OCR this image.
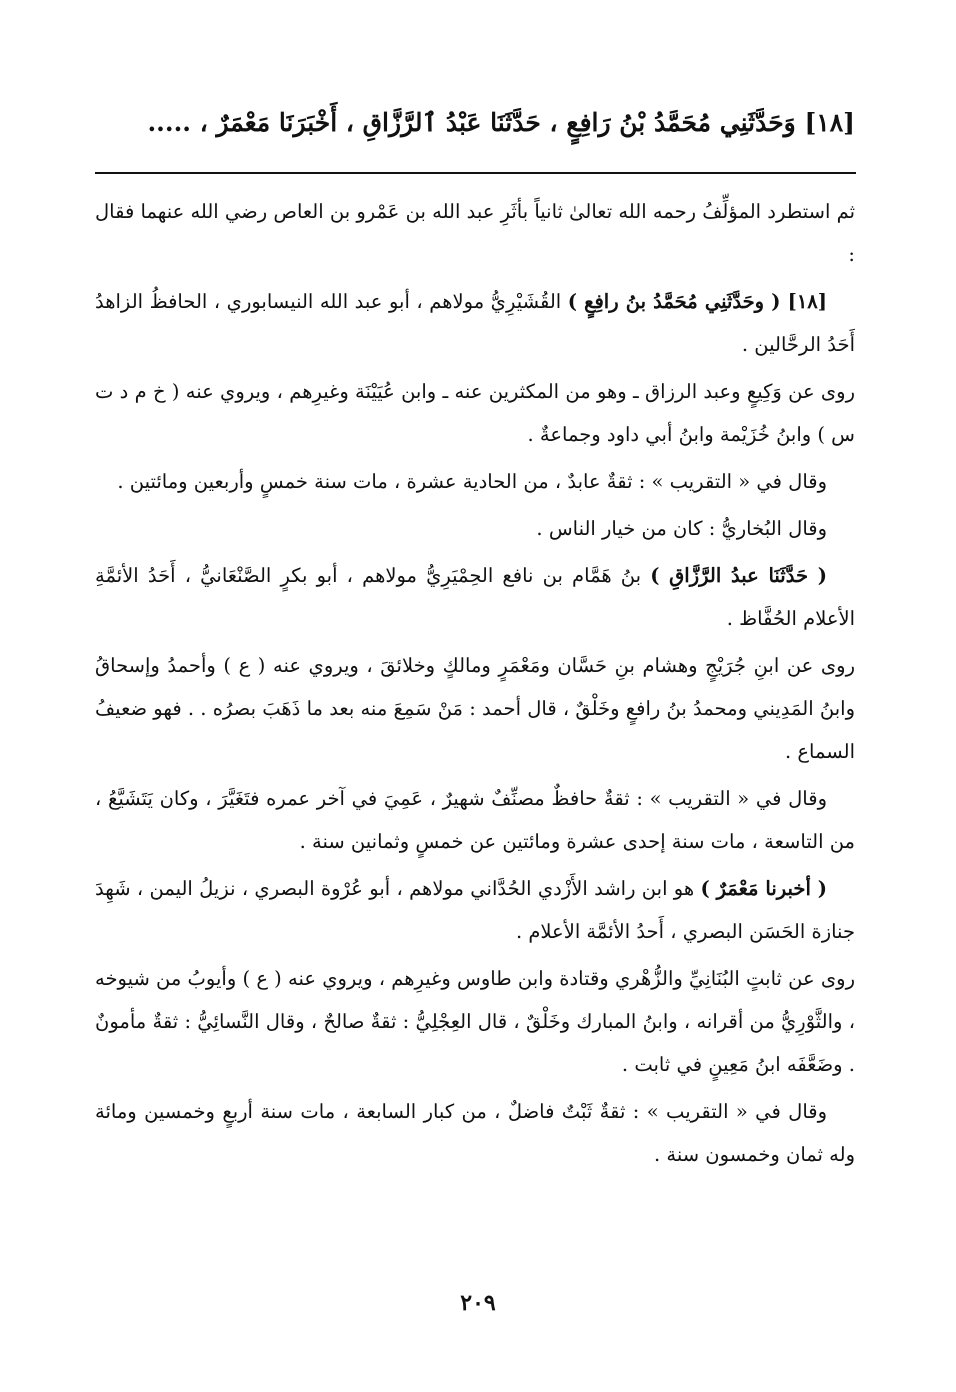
[١٨] وَحَدَّثَنِي مُحَمَّدُ بْنُ رَافِعٍ ، حَدَّثَنَا عَبْدُ ٱلرَّزَّاقِ ، أَخْبَرَنَا مَعْمَرٌ ، .....

ثم استطرد المؤلِّفُ رحمه الله تعالىٰ ثانياً بأثَرِ عبد الله بن عَمْرو بن العاص رضي الله عنهما فقال :

[١٨] ( وحَدَّثَنِي مُحَمَّدُ بنُ رافِعٍ ) القُشَيْرِيُّ مولاهم ، أبو عبد الله النيسابوري ، الحافظُ الزاهدُ أَحَدُ الرحَّالين .

روى عن وَكِيعٍ وعبد الرزاق ـ وهو من المكثرين عنه ـ وابن عُيَيْنَة وغيرِهم ، ويروي عنه ( خ م د ت س ) وابنُ خُزَيْمة وابنُ أبي داود وجماعةٌ .

وقال في « التقريب » : ثقةٌ عابدٌ ، من الحادية عشرة ، مات سنة خمسٍ وأربعين ومائتين .

وقال البُخاريُّ : كان من خيار الناس .

( حَدَّثَنَا عبدُ الرَّزَّاقِ ) بنُ هَمَّام بن نافع الحِمْيَرِيُّ مولاهم ، أبو بكرٍ الصَّنْعَانيُّ ، أَحَدُ الأئمَّةِ الأعلام الحُفَّاظ .

روى عن ابنِ جُرَيْجٍ وهشام بنِ حَسَّان ومَعْمَرٍ ومالكٍ وخلائقَ ، ويروي عنه ( ع ) وأحمدُ وإسحاقُ وابنُ المَدِيني ومحمدُ بنُ رافعٍ وخَلْقٌ ، قال أحمد : مَنْ سَمِعَ منه بعد ما ذَهَبَ بصرُه . . فهو ضعيفُ السماع .

وقال في « التقريب » : ثقةٌ حافظٌ مصنِّفٌ شهيرٌ ، عَمِيَ في آخر عمره فتَغَيَّرَ ، وكان يَتَشَيَّعُ ، من التاسعة ، مات سنة إحدى عشرة ومائتين عن خمسٍ وثمانين سنة .

( أخبرنا مَعْمَرٌ ) هو ابن راشد الأَزْدي الحُدَّاني مولاهم ، أبو عُرْوة البصري ، نزيلُ اليمن ، شَهِدَ جنازة الحَسَن البصري ، أَحدُ الأئمَّة الأعلام .

روى عن ثابتٍ البُنَانِيِّ والزُّهْري وقتادة وابن طاوس وغيرِهم ، ويروي عنه ( ع ) وأيوبُ من شيوخه ، والثَّوْرِيُّ من أقرانه ، وابنُ المبارك وخَلْقٌ ، قال العِجْلِيُّ : ثقةٌ صالحٌ ، وقال النَّسائِيُّ : ثقةٌ مأمونٌ . وضَعَّفَه ابنُ مَعِينٍ في ثابت .

وقال في « التقريب » : ثقةٌ ثَبْتٌ فاضلٌ ، من كبار السابعة ، مات سنة أربعٍ وخمسين ومائة وله ثمان وخمسون سنة .

٢٠٩
